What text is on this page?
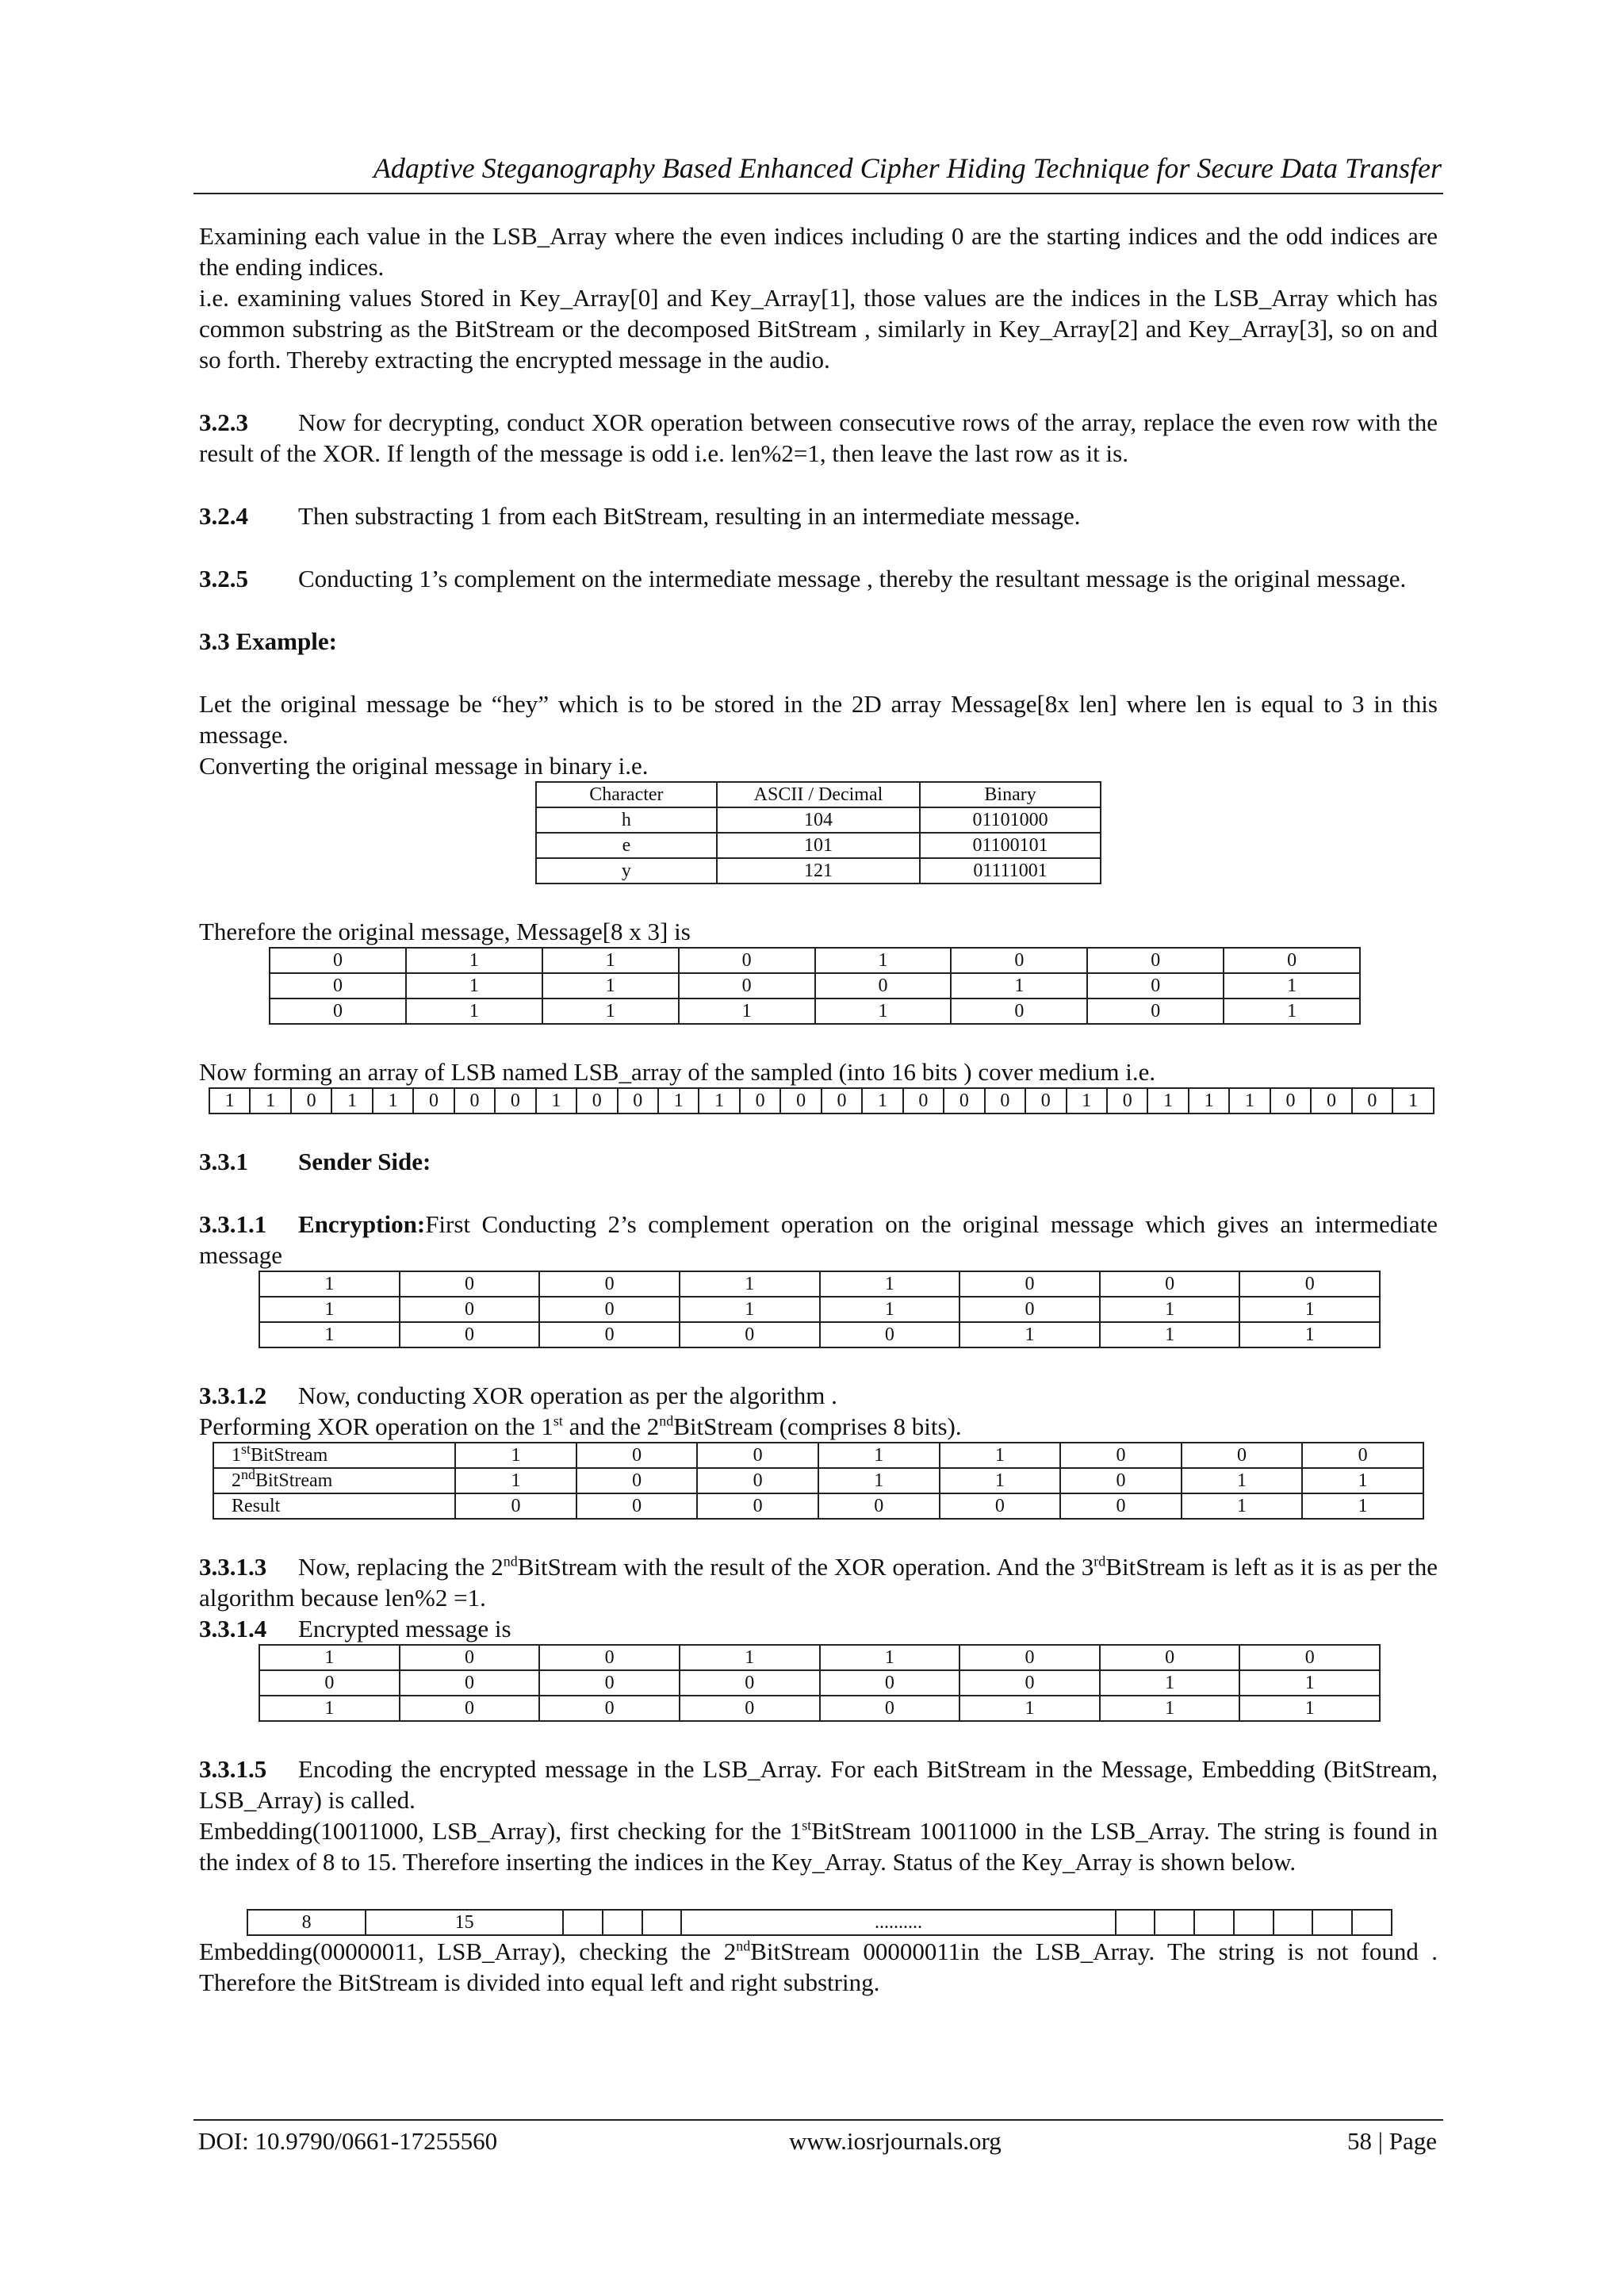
Adaptive Steganography Based Enhanced Cipher Hiding Technique for Secure Data Transfer

Examining each value in the LSB_Array where the even indices including 0 are the starting indices and the odd indices are the ending indices.

i.e. examining values Stored in Key_Array[0] and Key_Array[1], those values are the indices in the LSB_Array which has common substring as the BitStream or the decomposed BitStream , similarly in Key_Array[2] and Key_Array[3], so on and so forth. Thereby extracting the encrypted message in the audio.

3.2.3 Now for decrypting, conduct XOR operation between consecutive rows of the array, replace the even row with the result of the XOR. If length of the message is odd i.e. len%2=1, then leave the last row as it is.

3.2.4 Then substracting 1 from each BitStream, resulting in an intermediate message.

3.2.5 Conducting 1’s complement on the intermediate message , thereby the resultant message is the original message.

3.3 Example:

Let the original message be “hey” which is to be stored in the 2D array Message[8x len] where len is equal to 3 in this message.

Converting the original message in binary i.e.

Character	ASCII / Decimal	Binary
h	104	01101000
e	101	01100101
y	121	01111001

Therefore the original message, Message[8 x 3] is

0	1	1	0	1	0	0	0
0	1	1	0	0	1	0	1
0	1	1	1	1	0	0	1

Now forming an array of LSB named LSB_array of the sampled (into 16 bits ) cover medium i.e.

1	1	0	1	1	0	0	0	1	0	0	1	1	0	0	0	1	0	0	0	0	1	0	1	1	1	0	0	0	1

3.3.1 Sender Side:

3.3.1.1 Encryption:First Conducting 2’s complement operation on the original message which gives an intermediate message

1	0	0	1	1	0	0	0
1	0	0	1	1	0	1	1
1	0	0	0	0	1	1	1

3.3.1.2 Now, conducting XOR operation as per the algorithm .

Performing XOR operation on the 1st and the 2ndBitStream (comprises 8 bits).

1stBitStream	1	0	0	1	1	0	0	0
2ndBitStream	1	0	0	1	1	0	1	1
Result	0	0	0	0	0	0	1	1

3.3.1.3 Now, replacing the 2ndBitStream with the result of the XOR operation. And the 3rdBitStream is left as it is as per the algorithm because len%2 =1.

3.3.1.4 Encrypted message is

1	0	0	1	1	0	0	0
0	0	0	0	0	0	1	1
1	0	0	0	0	1	1	1

3.3.1.5 Encoding the encrypted message in the LSB_Array. For each BitStream in the Message, Embedding (BitStream, LSB_Array) is called.

Embedding(10011000, LSB_Array), first checking for the 1stBitStream 10011000 in the LSB_Array. The string is found in the index of 8 to 15. Therefore inserting the indices in the Key_Array. Status of the Key_Array is shown below.

8	15				..........							

Embedding(00000011, LSB_Array), checking the 2ndBitStream 00000011in the LSB_Array. The string is not found . Therefore the BitStream is divided into equal left and right substring.

DOI: 10.9790/0661-17255560	www.iosrjournals.org	58 | Page
